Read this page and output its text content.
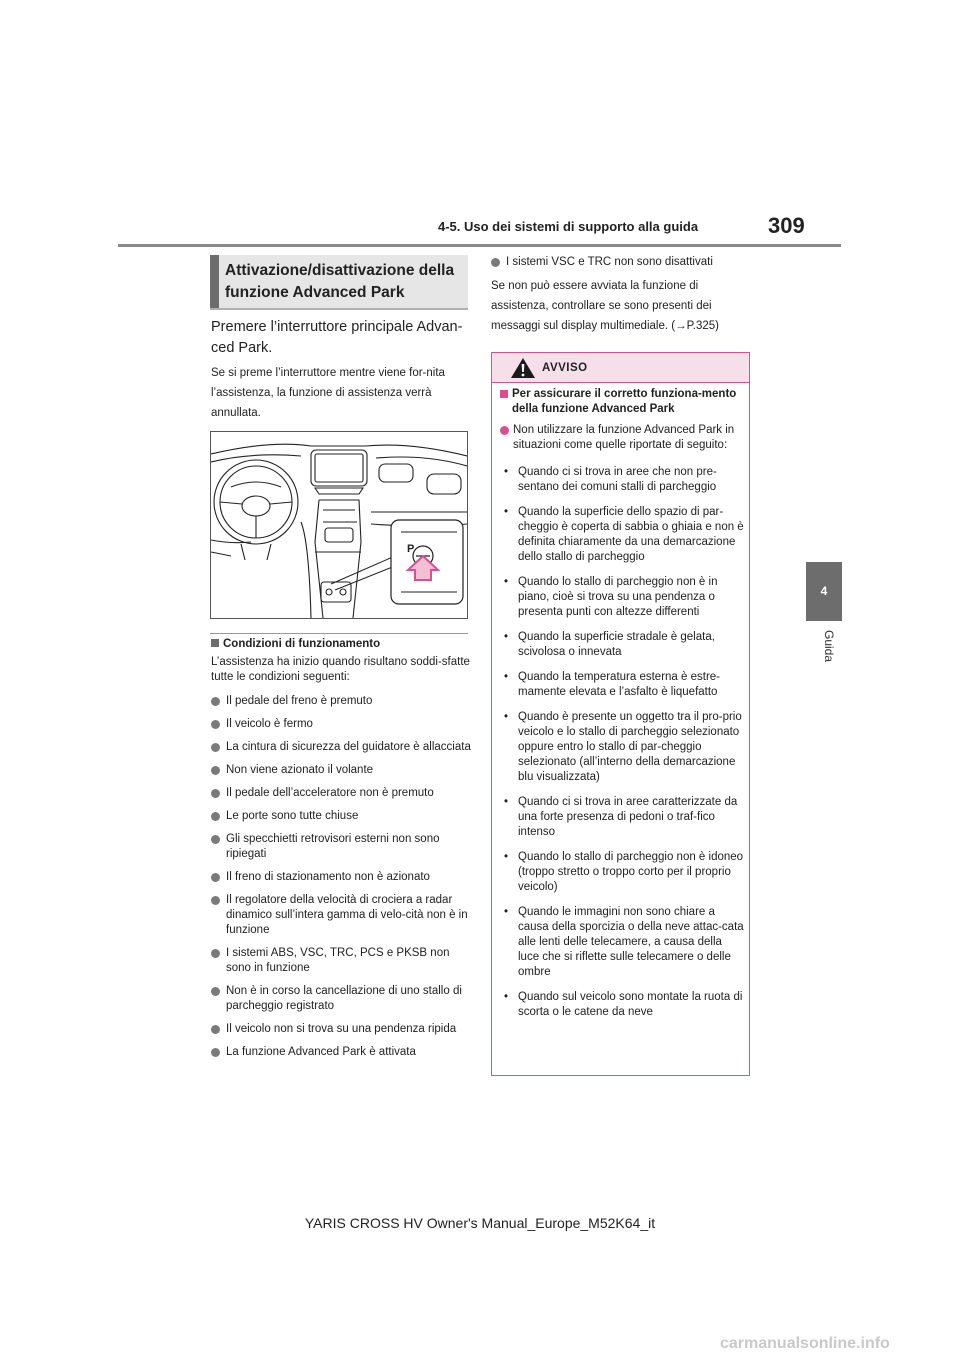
4-5. Uso dei sistemi di supporto alla guida	309
4
Guida
Attivazione/disattivazione della funzione Advanced Park
Premere l’interruttore principale Advan-ced Park.
Se si preme l’interruttore mentre viene for-nita l’assistenza, la funzione di assistenza verrà annullata.
P
Condizioni di funzionamento
L’assistenza ha inizio quando risultano soddi-sfatte tutte le condizioni seguenti:
Il pedale del freno è premuto
Il veicolo è fermo
La cintura di sicurezza del guidatore è allacciata
Non viene azionato il volante
Il pedale dell’acceleratore non è premuto
Le porte sono tutte chiuse
Gli specchietti retrovisori esterni non sono ripiegati
Il freno di stazionamento non è azionato
Il regolatore della velocità di crociera a radar dinamico sull’intera gamma di velo-cità non è in funzione
I sistemi ABS, VSC, TRC, PCS e PKSB non sono in funzione
Non è in corso la cancellazione di uno stallo di parcheggio registrato
Il veicolo non si trova su una pendenza ripida
La funzione Advanced Park è attivata
I sistemi VSC e TRC non sono disattivati
Se non può essere avviata la funzione di assistenza, controllare se sono presenti dei messaggi sul display multimediale. (→P.325)
AVVISO
Per assicurare il corretto funziona-mento della funzione Advanced Park
Non utilizzare la funzione Advanced Park in situazioni come quelle riportate di seguito:
• Quando ci si trova in aree che non pre-sentano dei comuni stalli di parcheggio
• Quando la superficie dello spazio di par-cheggio è coperta di sabbia o ghiaia e non è definita chiaramente da una demarcazione dello stallo di parcheggio
• Quando lo stallo di parcheggio non è in piano, cioè si trova su una pendenza o presenta punti con altezze differenti
• Quando la superficie stradale è gelata, scivolosa o innevata
• Quando la temperatura esterna è estre-mamente elevata e l’asfalto è liquefatto
• Quando è presente un oggetto tra il pro-prio veicolo e lo stallo di parcheggio selezionato oppure entro lo stallo di par-cheggio selezionato (all’interno della demarcazione blu visualizzata)
• Quando ci si trova in aree caratterizzate da una forte presenza di pedoni o traf-fico intenso
• Quando lo stallo di parcheggio non è idoneo (troppo stretto o troppo corto per il proprio veicolo)
• Quando le immagini non sono chiare a causa della sporcizia o della neve attac-cata alle lenti delle telecamere, a causa della luce che si riflette sulle telecamere o delle ombre
• Quando sul veicolo sono montate la ruota di scorta o le catene da neve
YARIS CROSS HV Owner's Manual_Europe_M52K64_it
carmanualsonline.info
